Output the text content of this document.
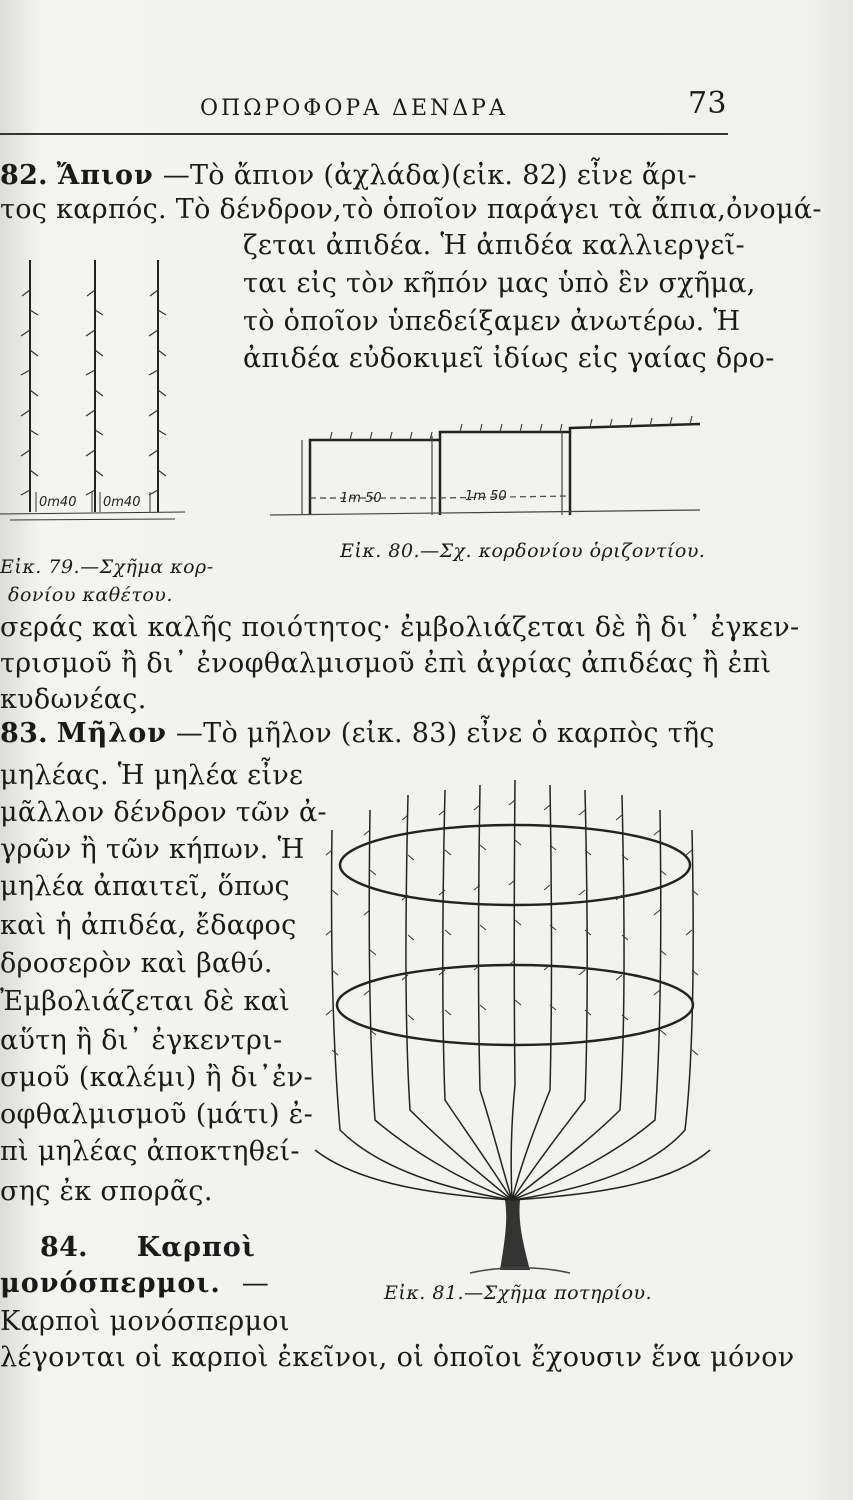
ΟΠΩΡΟΦΟΡΑ ΔΕΝΔΡΑ	73
82. Ἄπιον —Τὸ ἄπιον (ἀχλάδα)(εἰκ. 82) εἶνε ἄρι-
τος καρπός. Τὸ δένδρον,τὸ ὁποῖον παράγει τὰ ἄπια,ὀνομά-
ζεται ἀπιδέα. Ἡ ἀπιδέα καλλιεργεῖ-
ται εἰς τὸν κῆπόν μας ὑπὸ ἓν σχῆμα,
τὸ ὁποῖον ὑπεδείξαμεν ἀνωτέρω. Ἡ
ἀπιδέα εὐδοκιμεῖ ἰδίως εἰς γαίας δρο-
0m40 0m40
Εἰκ. 79.—Σχῆμα κορ-
δονίου καθέτου.
1m 50	1m 50
Εἰκ. 80.—Σχ. κορδονίου ὁριζοντίου.
σεράς καὶ καλῆς ποιότητος· ἐμβολιάζεται δὲ ἢ δι᾽ ἐγκεν-
τρισμοῦ ἢ δι᾽ ἐνοφθαλμισμοῦ ἐπὶ ἀγρίας ἀπιδέας ἢ ἐπὶ
κυδωνέας.
83. Μῆλον —Τὸ μῆλον (εἰκ. 83) εἶνε ὁ καρπὸς τῆς
μηλέας. Ἡ μηλέα εἶνε
μᾶλλον δένδρον τῶν ἀ-
γρῶν ἢ τῶν κήπων. Ἡ
μηλέα ἀπαιτεῖ, ὅπως
καὶ ἡ ἀπιδέα, ἔδαφος
δροσερὸν καὶ βαθύ.
Ἐμβολιάζεται δὲ καὶ
αὕτη ἢ δι᾽ ἐγκεντρι-
σμοῦ (καλέμι) ἢ δι᾽ἐν-
οφθαλμισμοῦ (μάτι) ἐ-
πὶ μηλέας ἀποκτηθεί-
σης ἐκ σπορᾶς.
Εἰκ. 81.—Σχῆμα ποτηρίου.
84. Καρποὶ
μονόσπερμοι. —
Καρποὶ μονόσπερμοι
λέγονται οἱ καρποὶ ἐκεῖνοι, οἱ ὁποῖοι ἔχουσιν ἕνα μόνον
